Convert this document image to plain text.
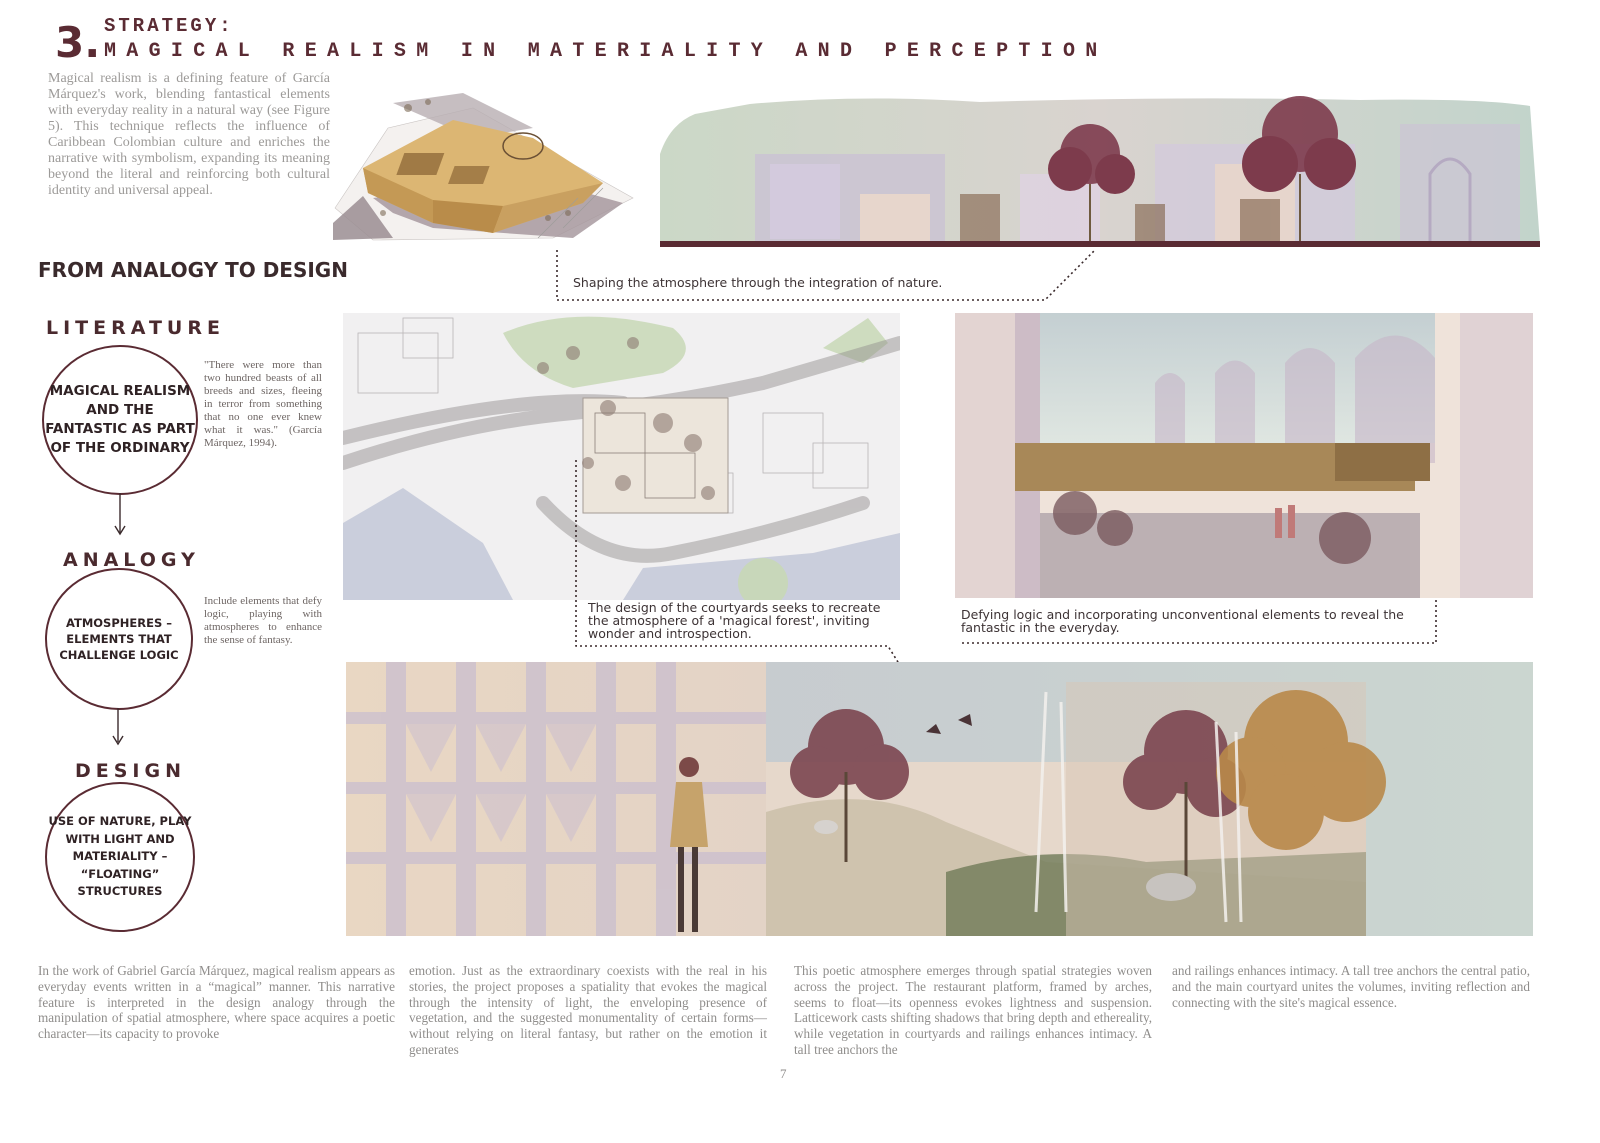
3. STRATEGY:
MAGICAL REALISM IN MATERIALITY AND PERCEPTION
Magical realism is a defining feature of García Márquez's work, blending fantastical elements with everyday reality in a natural way (see Figure 5). This technique reflects the influence of Caribbean Colombian culture and enriches the narrative with symbolism, expanding its meaning beyond the literal and reinforcing both cultural identity and universal appeal.
Shaping the atmosphere through the integration of nature.
FROM ANALOGY TO DESIGN
LITERATURE
MAGICAL REALISM AND THE FANTASTIC AS PART OF THE ORDINARY
"There were more than two hundred beasts of all breeds and sizes, fleeing in terror from something that no one ever knew what it was." (García Márquez, 1994).
ANALOGY
ATMOSPHERES – ELEMENTS THAT CHALLENGE LOGIC
Include elements that defy logic, playing with atmospheres to enhance the sense of fantasy.
DESIGN
USE OF NATURE, PLAY WITH LIGHT AND MATERIALITY – “FLOATING” STRUCTURES
The design of the courtyards seeks to recreate the atmosphere of a 'magical forest', inviting wonder and introspection.
Defying logic and incorporating unconventional elements to reveal the fantastic in the everyday.
In the work of Gabriel García Márquez, magical realism appears as everyday events written in a “magical” manner. This narrative feature is interpreted in the design analogy through the manipulation of spatial atmosphere, where space acquires a poetic character—its capacity to provoke
emotion. Just as the extraordinary coexists with the real in his stories, the project proposes a spatiality that evokes the magical through the intensity of light, the enveloping presence of vegetation, and the suggested monumentality of certain forms—without relying on literal fantasy, but rather on the emotion it generates
This poetic atmosphere emerges through spatial strategies woven across the project. The restaurant platform, framed by arches, seems to float—its openness evokes lightness and suspension. Latticework casts shifting shadows that bring depth and ethereality, while vegetation in courtyards and railings enhances intimacy. A tall tree anchors the
and railings enhances intimacy. A tall tree anchors the central patio, and the main courtyard unites the volumes, inviting reflection and connecting with the site's magical essence.
7
